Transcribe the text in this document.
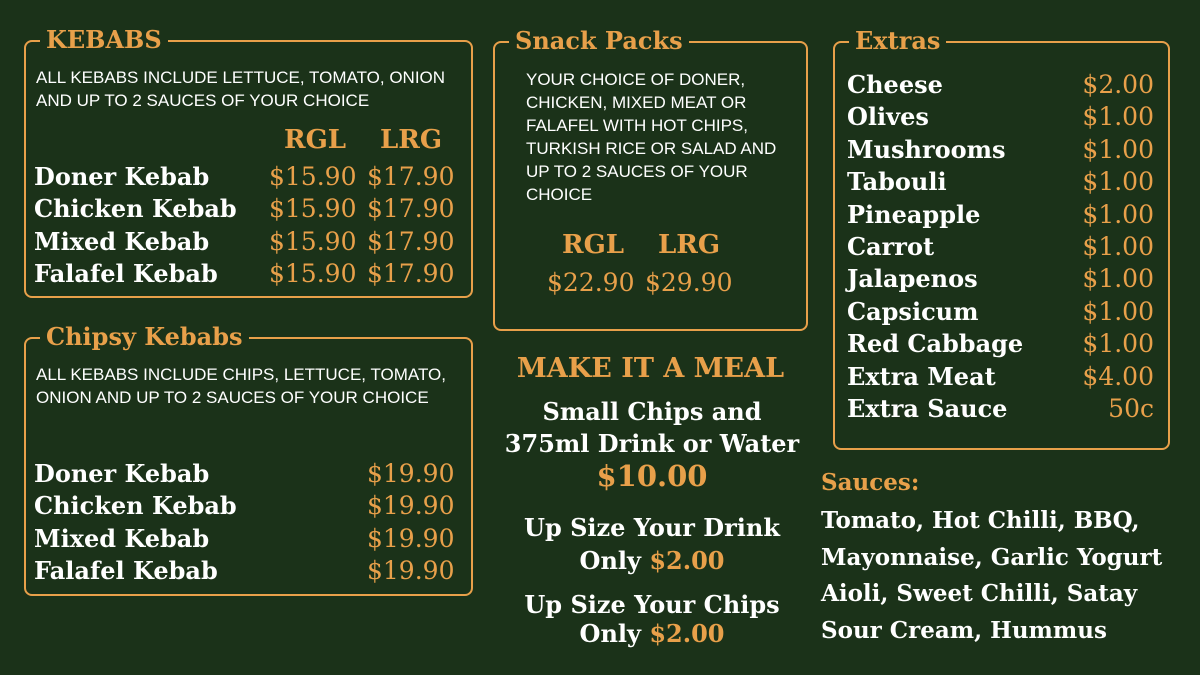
KEBABS
ALL KEBABS INCLUDE LETTUCE, TOMATO, ONION AND UP TO 2 SAUCES OF YOUR CHOICE
RGL LRG
Doner Kebab $15.90 $17.90
Chicken Kebab $15.90 $17.90
Mixed Kebab $15.90 $17.90
Falafel Kebab $15.90 $17.90
Chipsy Kebabs
ALL KEBABS INCLUDE CHIPS, LETTUCE, TOMATO, ONION AND UP TO 2 SAUCES OF YOUR CHOICE
Doner Kebab	$19.90
Chicken Kebab	$19.90
Mixed Kebab	$19.90
Falafel Kebab	$19.90
Snack Packs
YOUR CHOICE OF DONER, CHICKEN, MIXED MEAT OR FALAFEL WITH HOT CHIPS, TURKISH RICE OR SALAD AND UP TO 2 SAUCES OF YOUR CHOICE
RGL LRG
$22.90 $29.90
MAKE IT A MEAL
Small Chips and
375ml Drink or Water
$10.00
Up Size Your Drink
Only $2.00
Up Size Your Chips
Only $2.00
Extras
Cheese	$2.00
Olives	$1.00
Mushrooms	$1.00
Tabouli	$1.00
Pineapple	$1.00
Carrot	$1.00
Jalapenos	$1.00
Capsicum	$1.00
Red Cabbage $1.00
Extra Meat	$4.00
Extra Sauce	50c
Sauces:
Tomato, Hot Chilli, BBQ,
Mayonnaise, Garlic Yogurt
Aioli, Sweet Chilli, Satay
Sour Cream, Hummus
